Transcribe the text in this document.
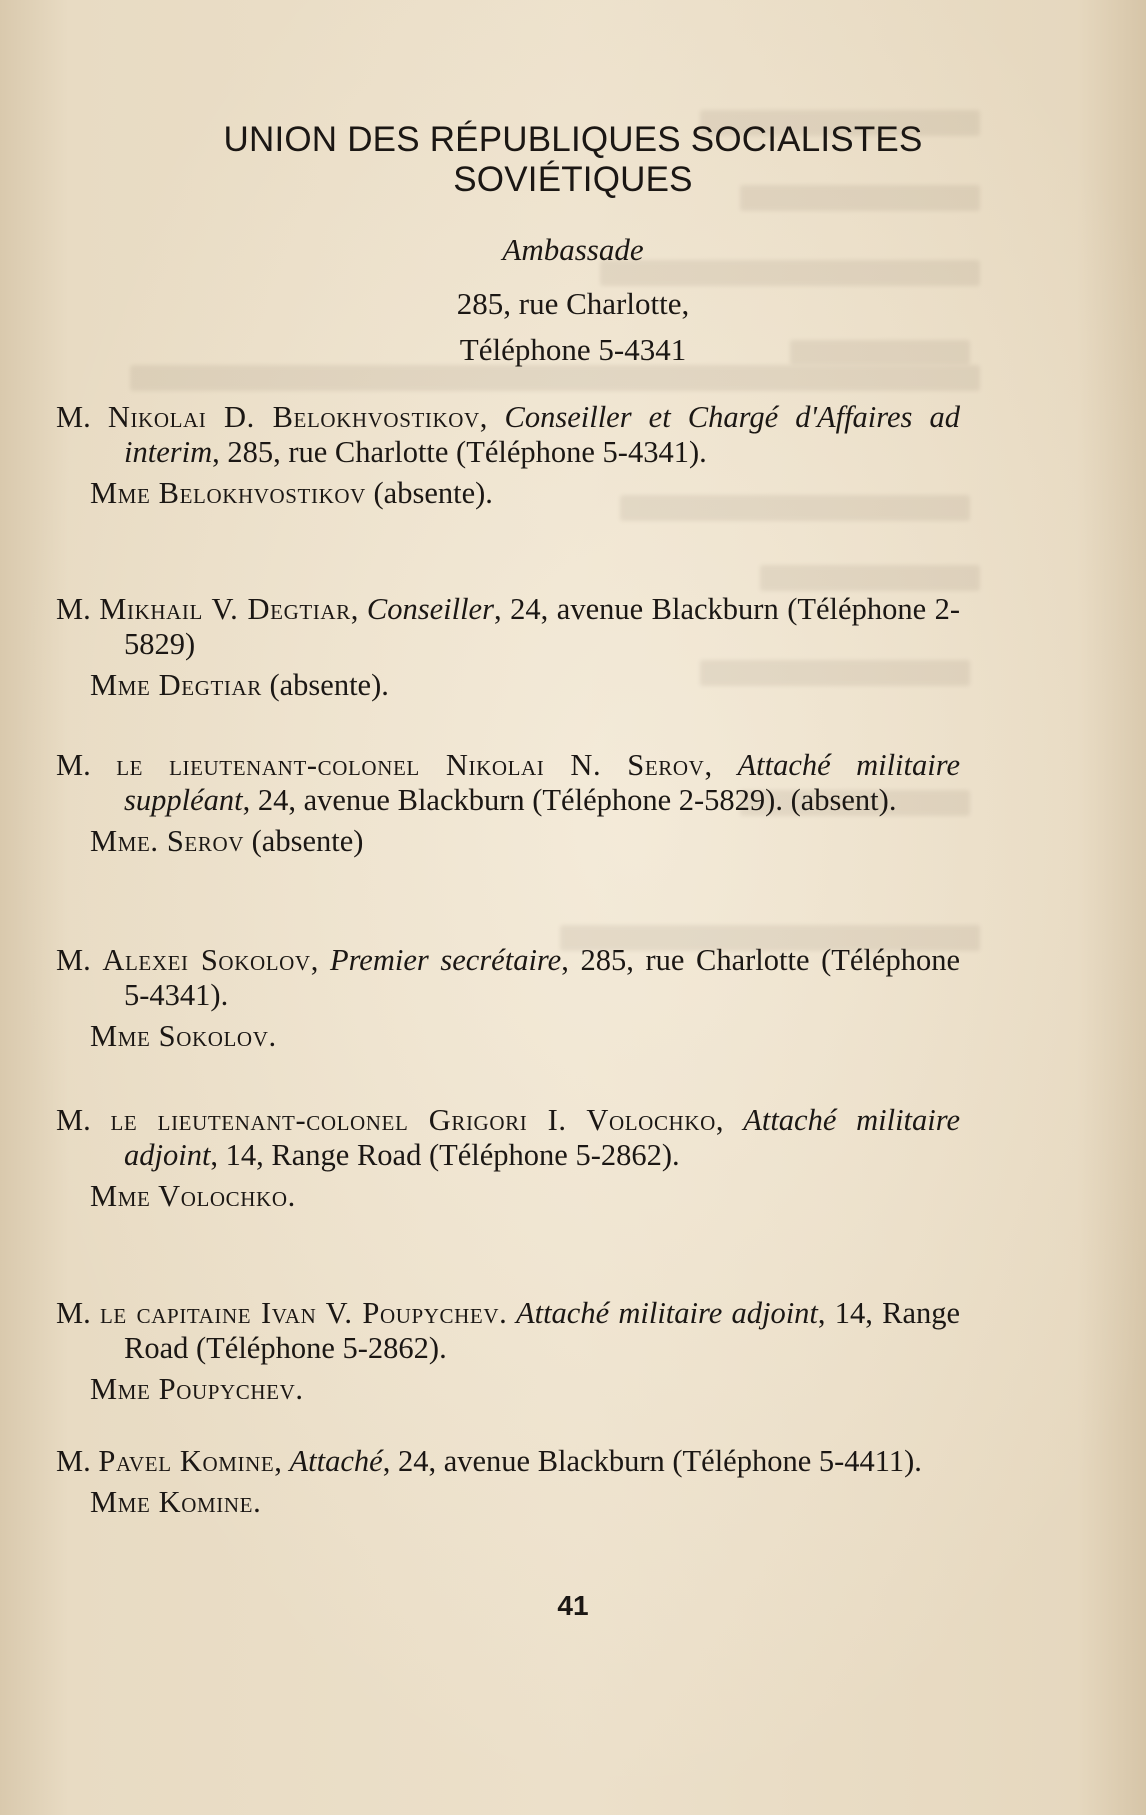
UNION DES RÉPUBLIQUES SOCIALISTES
SOVIÉTIQUES
Ambassade
285, rue Charlotte,
Téléphone 5-4341
M. Nikolai D. Belokhvostikov, Conseiller et Chargé d'Affaires ad interim, 285, rue Charlotte (Téléphone 5-4341).
Mme Belokhvostikov (absente).
M. Mikhail V. Degtiar, Conseiller, 24, avenue Blackburn (Téléphone 2-5829)
Mme Degtiar (absente).
M. le lieutenant-colonel Nikolai N. Serov, Attaché militaire suppléant, 24, avenue Blackburn (Téléphone 2-5829). (absent).
Mme. Serov (absente)
M. Alexei Sokolov, Premier secrétaire, 285, rue Charlotte (Téléphone 5-4341).
Mme Sokolov.
M. le lieutenant-colonel Grigori I. Volochko, Attaché militaire adjoint, 14, Range Road (Téléphone 5-2862).
Mme Volochko.
M. le capitaine Ivan V. Poupychev. Attaché militaire adjoint, 14, Range Road (Téléphone 5-2862).
Mme Poupychev.
M. Pavel Komine, Attaché, 24, avenue Blackburn (Téléphone 5-4411).
Mme Komine.
41
